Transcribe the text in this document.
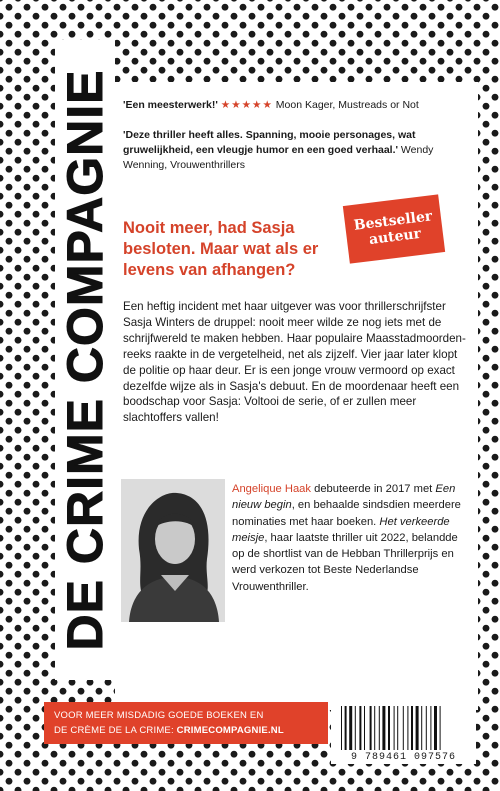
DE CRIME COMPAGNIE 'Een meesterwerk!' ★★★★★ Moon Kager, Mustreads or Not
'Deze thriller heeft alles. Spanning, mooie personages, wat gruwelijkheid, een vleugje humor en een goed verhaal.' Wendy Wenning, Vrouwenthrillers
Nooit meer, had Sasja besloten. Maar wat als er levens van afhangen?
Bestseller auteur
Een heftig incident met haar uitgever was voor thrillerschrijfster Sasja Winters de druppel: nooit meer wilde ze nog iets met de schrijfwereld te maken hebben. Haar populaire Maasstadmoordenreeks raakte in de vergetelheid, net als zijzelf. Vier jaar later klopt de politie op haar deur. Er is een jonge vrouw vermoord op exact dezelfde wijze als in Sasja's debuut. En de moordenaar heeft een boodschap voor Sasja: Voltooi de serie, of er zullen meer slachtoffers vallen!
Angelique Haak debuteerde in 2017 met Een nieuw begin, en behaalde sindsdien meerdere nominaties met haar boeken. Het verkeerde meisje, haar laatste thriller uit 2022, belandde op de shortlist van de Hebban Thrillerprijs en werd verkozen tot Beste Nederlandse Vrouwenthriller.
VOOR MEER MISDADIG GOEDE BOEKEN EN
DE CRÈME DE LA CRIME: CRIMECOMPAGNIE.NL
9 789461 097576
